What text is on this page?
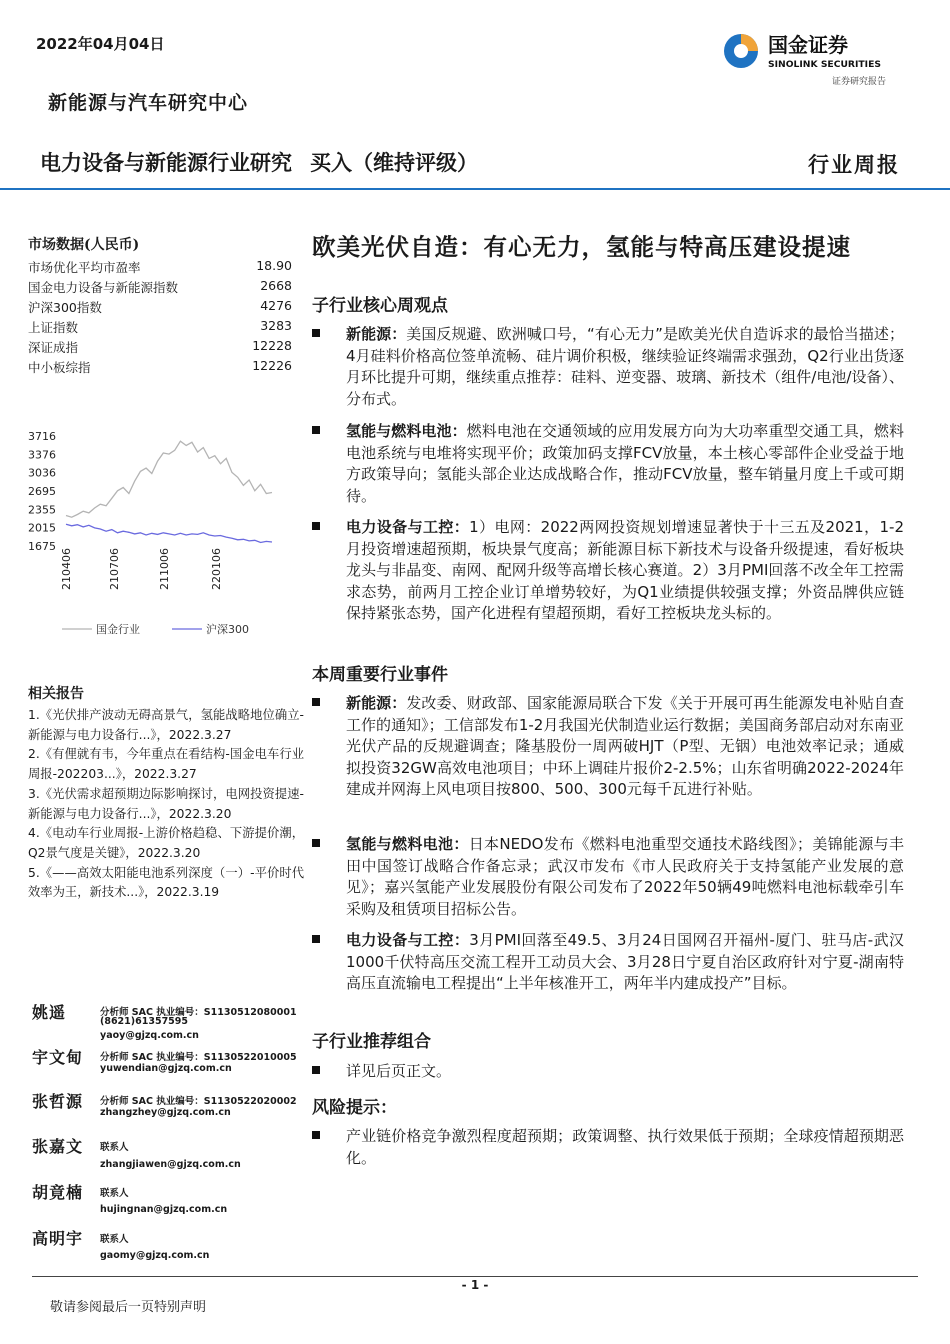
2022年04月04日	国金证券
SINOLINK SECURITIES
证券研究报告
新能源与汽车研究中心
电力设备与新能源行业研究 买入（维持评级）	行业周报
市场数据(人民币)
市场优化平均市盈率	18.90
国金电力设备与新能源指数	2668
沪深300指数	4276
上证指数	3283
深证成指	12228
中小板综指	12226
3716
3376
3036
2695
2355
2015
1675
210406	210706	211006	220106
国金行业	沪深300
相关报告
1.《光伏排产波动无碍高景气，氢能战略地位确立-新能源与电力设备行...》，2022.3.27
2.《有俚就有韦，今年重点在看结构-国金电车行业周报-202203...》，2022.3.27
3.《光伏需求超预期边际影响探讨，电网投资提速-新能源与电力设备行...》，2022.3.20
4.《电动车行业周报-上游价格趋稳、下游提价潮，Q2景气度是关键》，2022.3.20
5.《——高效太阳能电池系列深度（一）-平价时代效率为王，新技术...》，2022.3.19
姚遥	分析师 SAC 执业编号：S1130512080001
(8621)61357595
yaoy@gjzq.com.cn
宇文甸 分析师 SAC 执业编号：S1130522010005
yuwendian@gjzq.com.cn
张哲源 分析师 SAC 执业编号：S1130522020002
zhangzhey@gjzq.com.cn
张嘉文 联系人
zhangjiawen@gjzq.com.cn
胡竟楠 联系人
hujingnan@gjzq.com.cn
高明宇 联系人
gaomy@gjzq.com.cn
欧美光伏自造：有心无力，氢能与特高压建设提速
子行业核心周观点
新能源：美国反规避、欧洲喊口号，“有心无力”是欧美光伏自造诉求的最恰当描述；4月硅料价格高位签单流畅、硅片调价积极，继续验证终端需求强劲，Q2行业出货逐月环比提升可期，继续重点推荐：硅料、逆变器、玻璃、新技术（组件/电池/设备）、分布式。
氢能与燃料电池：燃料电池在交通领域的应用发展方向为大功率重型交通工具，燃料电池系统与电堆将实现平价；政策加码支撑FCV放量，本土核心零部件企业受益于地方政策导向；氢能头部企业达成战略合作，推动FCV放量，整车销量月度上千或可期待。
电力设备与工控：1）电网：2022两网投资规划增速显著快于十三五及2021，1-2月投资增速超预期，板块景气度高；新能源目标下新技术与设备升级提速，看好板块龙头与非晶变、南网、配网升级等高增长核心赛道。2）3月PMI回落不改全年工控需求态势，前两月工控企业订单增势较好，为Q1业绩提供较强支撑；外资品牌供应链保持紧张态势，国产化进程有望超预期，看好工控板块龙头标的。
本周重要行业事件
新能源：发改委、财政部、国家能源局联合下发《关于开展可再生能源发电补贴自查工作的通知》；工信部发布1-2月我国光伏制造业运行数据；美国商务部启动对东南亚光伏产品的反规避调查；隆基股份一周两破HJT（P型、无铟）电池效率记录；通威拟投资32GW高效电池项目；中环上调硅片报价2-2.5%；山东省明确2022-2024年建成并网海上风电项目按800、500、300元每千瓦进行补贴。
氢能与燃料电池：日本NEDO发布《燃料电池重型交通技术路线图》；美锦能源与丰田中国签订战略合作备忘录；武汉市发布《市人民政府关于支持氢能产业发展的意见》；嘉兴氢能产业发展股份有限公司发布了2022年50辆49吨燃料电池标载牵引车采购及租赁项目招标公告。
电力设备与工控：3月PMI回落至49.5、3月24日国网召开福州-厦门、驻马店-武汉1000千伏特高压交流工程开工动员大会、3月28日宁夏自治区政府针对宁夏-湖南特高压直流输电工程提出“上半年核准开工，两年半内建成投产”目标。
子行业推荐组合
详见后页正文。
风险提示：
产业链价格竞争激烈程度超预期；政策调整、执行效果低于预期；全球疫情超预期恶化。
- 1 -
敬请参阅最后一页特别声明
